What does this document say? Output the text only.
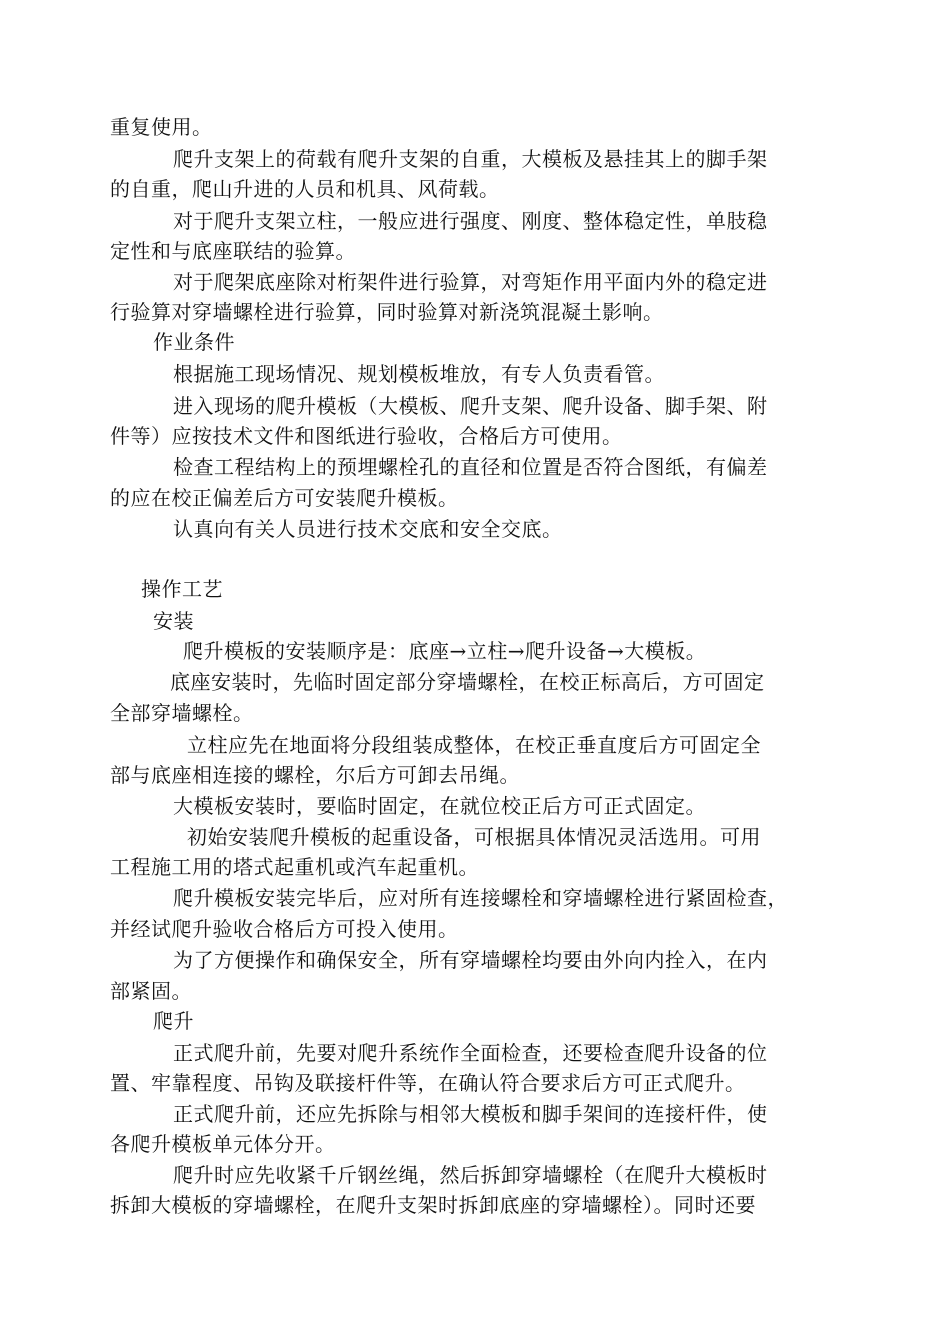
重复使用。
爬升支架上的荷载有爬升支架的自重，大模板及悬挂其上的脚手架
的自重，爬山升进的人员和机具、风荷载。
对于爬升支架立柱，一般应进行强度、刚度、整体稳定性，单肢稳
定性和与底座联结的验算。
对于爬架底座除对桁架件进行验算，对弯矩作用平面内外的稳定进
行验算对穿墙螺栓进行验算，同时验算对新浇筑混凝土影响。
作业条件
根据施工现场情况、规划模板堆放，有专人负责看管。
进入现场的爬升模板（大模板、爬升支架、爬升设备、脚手架、附
件等）应按技术文件和图纸进行验收，合格后方可使用。
检查工程结构上的预埋螺栓孔的直径和位置是否符合图纸，有偏差
的应在校正偏差后方可安装爬升模板。
认真向有关人员进行技术交底和安全交底。
操作工艺
安装
爬升模板的安装顺序是：底座→立柱→爬升设备→大模板。
底座安装时，先临时固定部分穿墙螺栓，在校正标高后，方可固定
全部穿墙螺栓。
立柱应先在地面将分段组装成整体，在校正垂直度后方可固定全
部与底座相连接的螺栓，尔后方可卸去吊绳。
大模板安装时，要临时固定，在就位校正后方可正式固定。
初始安装爬升模板的起重设备，可根据具体情况灵活选用。可用
工程施工用的塔式起重机或汽车起重机。
爬升模板安装完毕后，应对所有连接螺栓和穿墙螺栓进行紧固检查，
并经试爬升验收合格后方可投入使用。
为了方便操作和确保安全，所有穿墙螺栓均要由外向内拴入，在内
部紧固。
爬升
正式爬升前，先要对爬升系统作全面检查，还要检查爬升设备的位
置、牢靠程度、吊钩及联接杆件等，在确认符合要求后方可正式爬升。
正式爬升前，还应先拆除与相邻大模板和脚手架间的连接杆件，使
各爬升模板单元体分开。
爬升时应先收紧千斤钢丝绳，然后拆卸穿墙螺栓（在爬升大模板时
拆卸大模板的穿墙螺栓，在爬升支架时拆卸底座的穿墙螺栓）。同时还要
